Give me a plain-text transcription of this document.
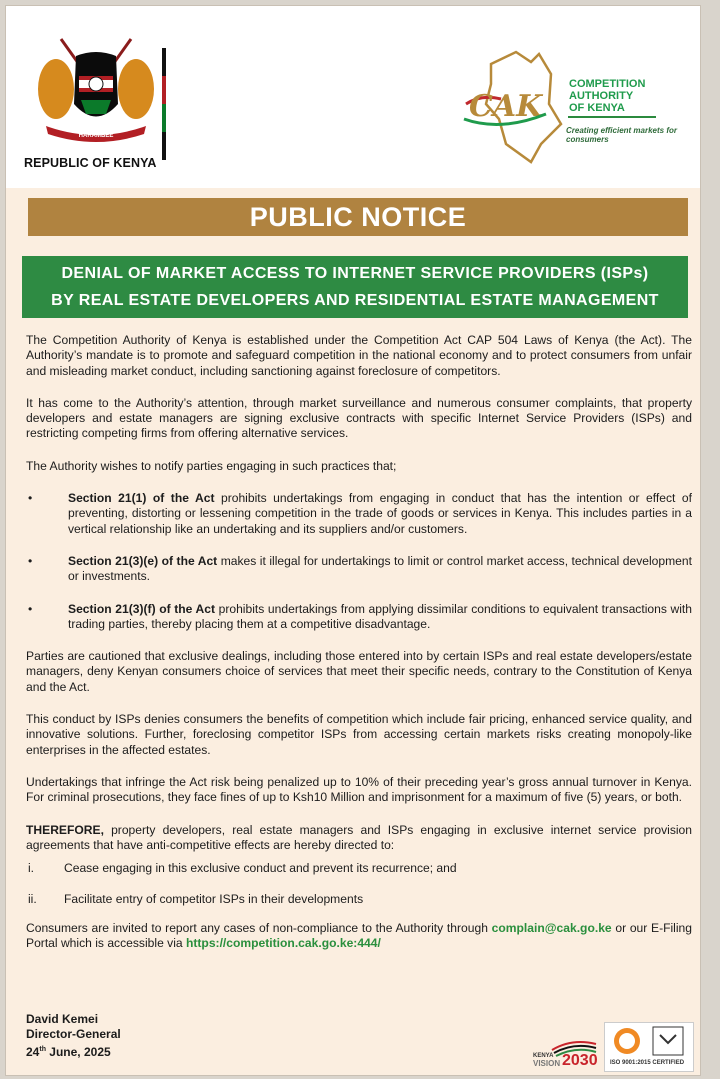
HARAMBEE
REPUBLIC OF KENYA
CAK
COMPETITION
AUTHORITY
OF KENYA
Creating efficient markets for consumers
PUBLIC NOTICE
DENIAL OF MARKET ACCESS TO INTERNET SERVICE PROVIDERS (ISPs)
BY REAL ESTATE DEVELOPERS AND RESIDENTIAL ESTATE MANAGEMENT

The Competition Authority of Kenya is established under the Competition Act CAP 504 Laws of Kenya (the Act). The Authority’s mandate is to promote and safeguard competition in the national economy and to protect consumers from unfair and misleading market conduct, including sanctioning against foreclosure of competitors.

It has come to the Authority’s attention, through market surveillance and numerous consumer complaints, that property developers and estate managers are signing exclusive contracts with specific Internet Service Providers (ISPs) and restricting competing firms from offering alternative services.

The Authority wishes to notify parties engaging in such practices that;

•	Section 21(1) of the Act prohibits undertakings from engaging in conduct that has the intention or effect of preventing, distorting or lessening competition in the trade of goods or services in Kenya. This includes parties in a vertical relationship like an undertaking and its suppliers and/or customers.
•	Section 21(3)(e) of the Act makes it illegal for undertakings to limit or control market access, technical development or investments.
•	Section 21(3)(f) of the Act prohibits undertakings from applying dissimilar conditions to equivalent transactions with trading parties, thereby placing them at a competitive disadvantage.

Parties are cautioned that exclusive dealings, including those entered into by certain ISPs and real estate developers/estate managers, deny Kenyan consumers choice of services that meet their specific needs, contrary to the Constitution of Kenya and the Act.

This conduct by ISPs denies consumers the benefits of competition which include fair pricing, enhanced service quality, and innovative solutions. Further, foreclosing competitor ISPs from accessing certain markets risks creating monopoly-like enterprises in the affected estates.

Undertakings that infringe the Act risk being penalized up to 10% of their preceding year’s gross annual turnover in Kenya. For criminal prosecutions, they face fines of up to Ksh10 Million and imprisonment for a maximum of five (5) years, or both.

THEREFORE, property developers, real estate managers and ISPs engaging in exclusive internet service provision agreements that have anti-competitive effects are hereby directed to:

i. Cease engaging in this exclusive conduct and prevent its recurrence; and
ii. Facilitate entry of competitor ISPs in their developments

Consumers are invited to report any cases of non-compliance to the Authority through complain@cak.go.ke or our E-Filing Portal which is accessible via https://competition.cak.go.ke:444/

David Kemei
Director-General
24th June, 2025	KENYA
VISION 2030 ISO 9001:2015 CERTIFIED
